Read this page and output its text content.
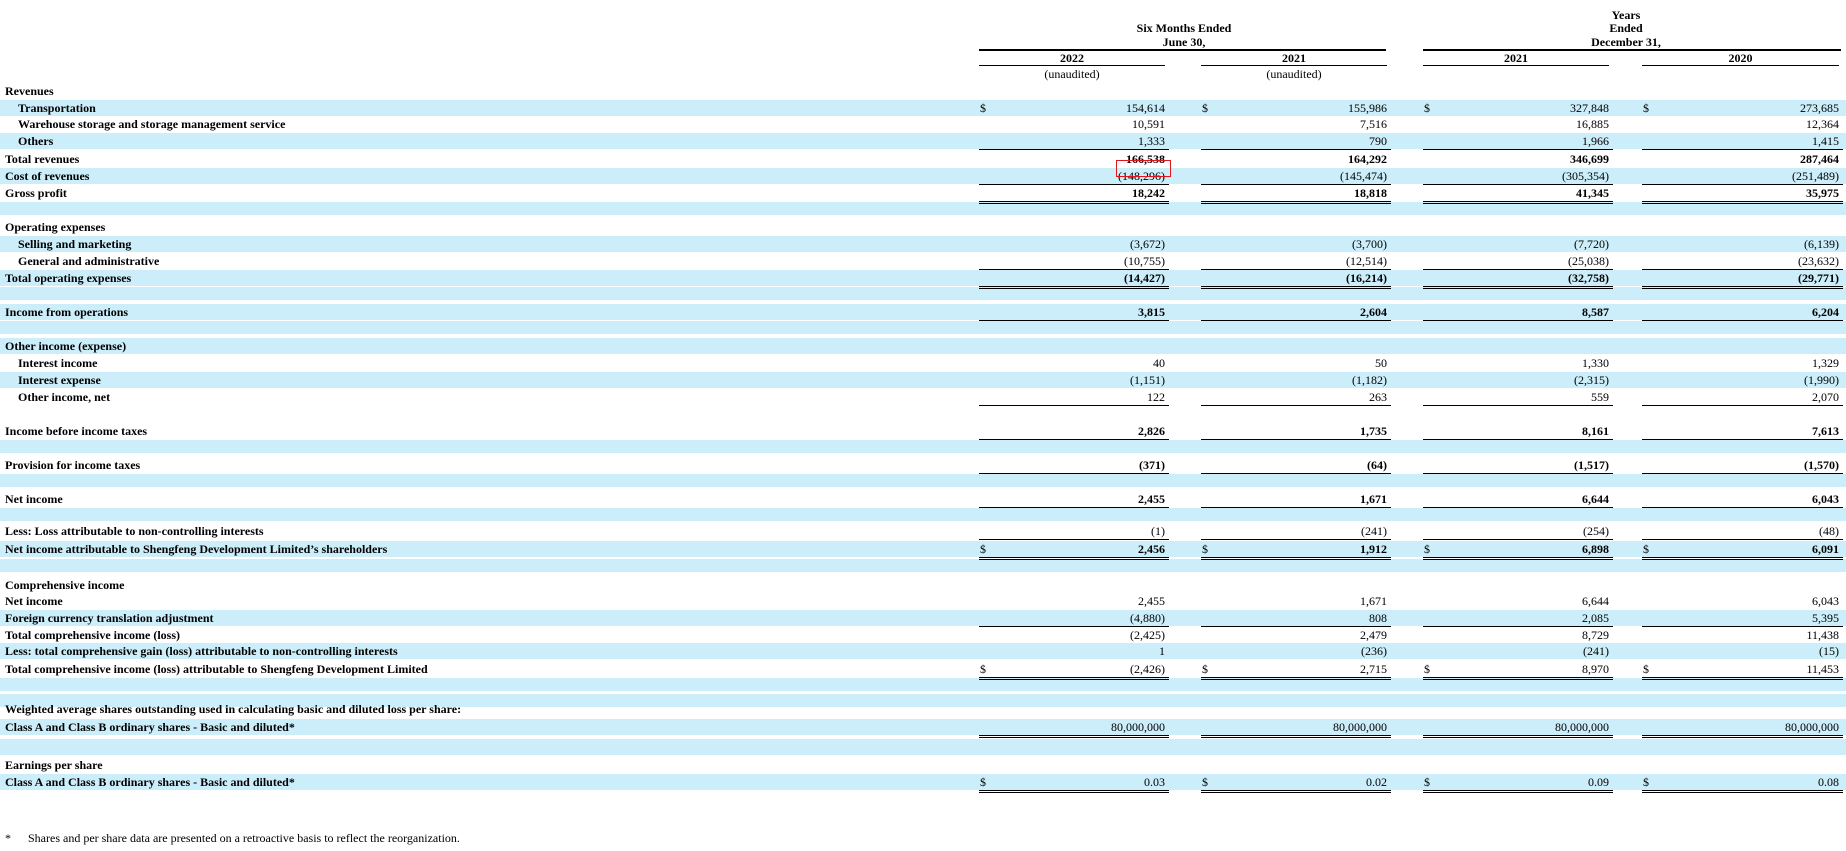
Six Months Ended
June 30,
Years
Ended
December 31,
2022	2021	2021	2020
(unaudited)	(unaudited)
Revenues
Transportation	$	154,614	$	155,986	$	327,848	$	273,685
Warehouse storage and storage management service	10,591	7,516	16,885	12,364
Others	1,333	790	1,966	1,415
Total revenues	166,538	164,292	346,699	287,464
Cost of revenues	(148,296)	(145,474)	(305,354)	(251,489)
Gross profit	18,242	18,818	41,345	35,975
Operating expenses
Selling and marketing	(3,672)	(3,700)	(7,720)	(6,139)
General and administrative	(10,755)	(12,514)	(25,038)	(23,632)
Total operating expenses	(14,427)	(16,214)	(32,758)	(29,771)
Income from operations	3,815	2,604	8,587	6,204
Other income (expense)
Interest income	40	50	1,330	1,329
Interest expense	(1,151)	(1,182)	(2,315)	(1,990)
Other income, net	122	263	559	2,070
Income before income taxes	2,826	1,735	8,161	7,613
Provision for income taxes	(371)	(64)	(1,517)	(1,570)
Net income	2,455	1,671	6,644	6,043
Less: Loss attributable to non-controlling interests	(1)	(241)	(254)	(48)
Net income attributable to Shengfeng Development Limited’s shareholders	$	2,456	$	1,912	$	6,898	$	6,091
Comprehensive income
Net income	2,455	1,671	6,644	6,043
Foreign currency translation adjustment	(4,880)	808	2,085	5,395
Total comprehensive income (loss)	(2,425)	2,479	8,729	11,438
Less: total comprehensive gain (loss) attributable to non-controlling interests	1	(236)	(241)	(15)
Total comprehensive income (loss) attributable to Shengfeng Development Limited	$	(2,426)	$	2,715	$	8,970	$	11,453
Weighted average shares outstanding used in calculating basic and diluted loss per share:
Class A and Class B ordinary shares - Basic and diluted*	80,000,000	80,000,000	80,000,000	80,000,000
Earnings per share
Class A and Class B ordinary shares - Basic and diluted*	$	0.03	$	0.02	$	0.09	$	0.08
* Shares and per share data are presented on a retroactive basis to reflect the reorganization.
